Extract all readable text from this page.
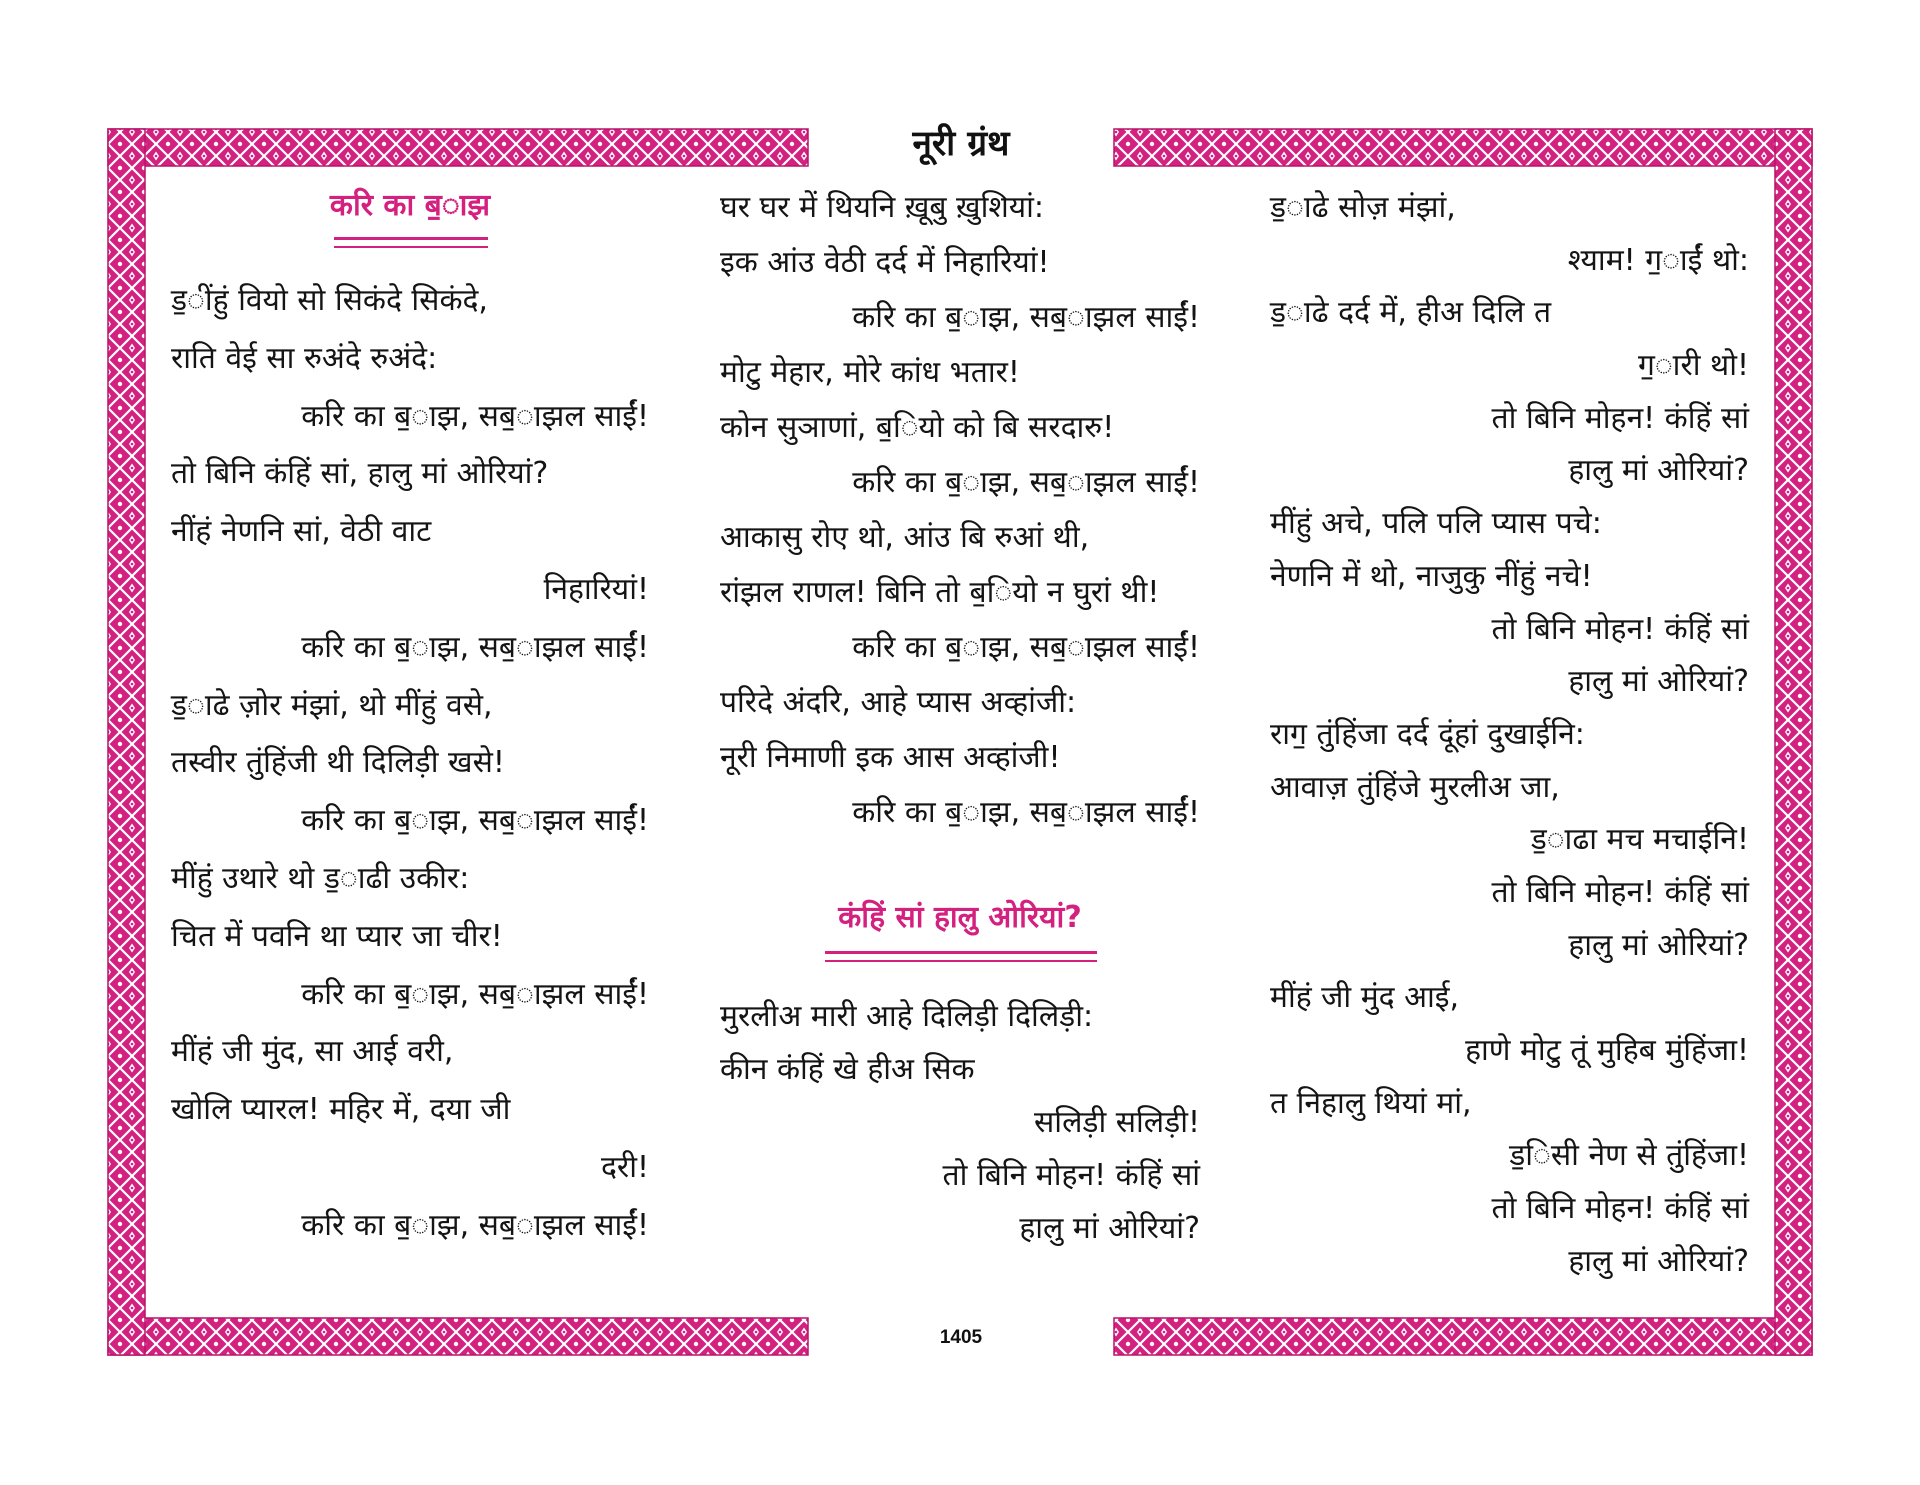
नूरी ग्रंथ
1405
करि का ब॒ाझ
ड॒ींहुं वियो सो सिकंदे सिकंदे,
राति वेई सा रुअंदे रुअंदे:
करि का ब॒ाझ, सब॒ाझल साईं!
तो बिनि कंहिं सां, हालु मां ओरियां?
नींहं नेणनि सां, वेठी वाट
निहारियां!
करि का ब॒ाझ, सब॒ाझल साईं!
ड॒ाढे ज़ोर मंझां, थो मींहुं वसे,
तस्वीर तुंहिंजी थी दिलिड़ी खसे!
करि का ब॒ाझ, सब॒ाझल साईं!
मींहुं उथारे थो ड॒ाढी उकीर:
चित में पवनि था प्यार जा चीर!
करि का ब॒ाझ, सब॒ाझल साईं!
मींहं जी मुंद, सा आई वरी,
खोलि प्यारल! महिर में, दया जी
दरी!
करि का ब॒ाझ, सब॒ाझल साईं!
घर घर में थियनि ख़ूबु ख़ुशियां:
इक आंउ वेठी दर्द में निहारियां!
करि का ब॒ाझ, सब॒ाझल साईं!
मोटु मेहार, मोरे कांध भतार!
कोन सुञाणां, ब॒ियो को बि सरदारु!
करि का ब॒ाझ, सब॒ाझल साईं!
आकासु रोए थो, आंउ बि रुआं थी,
रांझल राणल! बिनि तो ब॒ियो न घुरां थी!
करि का ब॒ाझ, सब॒ाझल साईं!
परिदे अंदरि, आहे प्यास अव्हांजी:
नूरी निमाणी इक आस अव्हांजी!
करि का ब॒ाझ, सब॒ाझल साईं!
कंहिं सां हालु ओरियां?
मुरलीअ मारी आहे दिलिड़ी दिलिड़ी:
कीन कंहिं खे हीअ सिक
सलिड़ी सलिड़ी!
तो बिनि मोहन! कंहिं सां
हालु मां ओरियां?
ड॒ाढे सोज़ मंझां,
श्याम! ग॒ाईं थो:
ड॒ाढे दर्द में, हीअ दिलि त
ग॒ारी थो!
तो बिनि मोहन! कंहिं सां
हालु मां ओरियां?
मींहुं अचे, पलि पलि प्यास पचे:
नेणनि में थो, नाजुकु नींहुं नचे!
तो बिनि मोहन! कंहिं सां
हालु मां ओरियां?
राग॒ तुंहिंजा दर्द दूंहां दुखाईनि:
आवाज़ तुंहिंजे मुरलीअ जा,
ड॒ाढा मच मचाईनि!
तो बिनि मोहन! कंहिं सां
हालु मां ओरियां?
मींहं जी मुंद आई,
हाणे मोटु तूं मुहिब मुंहिंजा!
त निहालु थियां मां,
ड॒िसी नेण से तुंहिंजा!
तो बिनि मोहन! कंहिं सां
हालु मां ओरियां?
